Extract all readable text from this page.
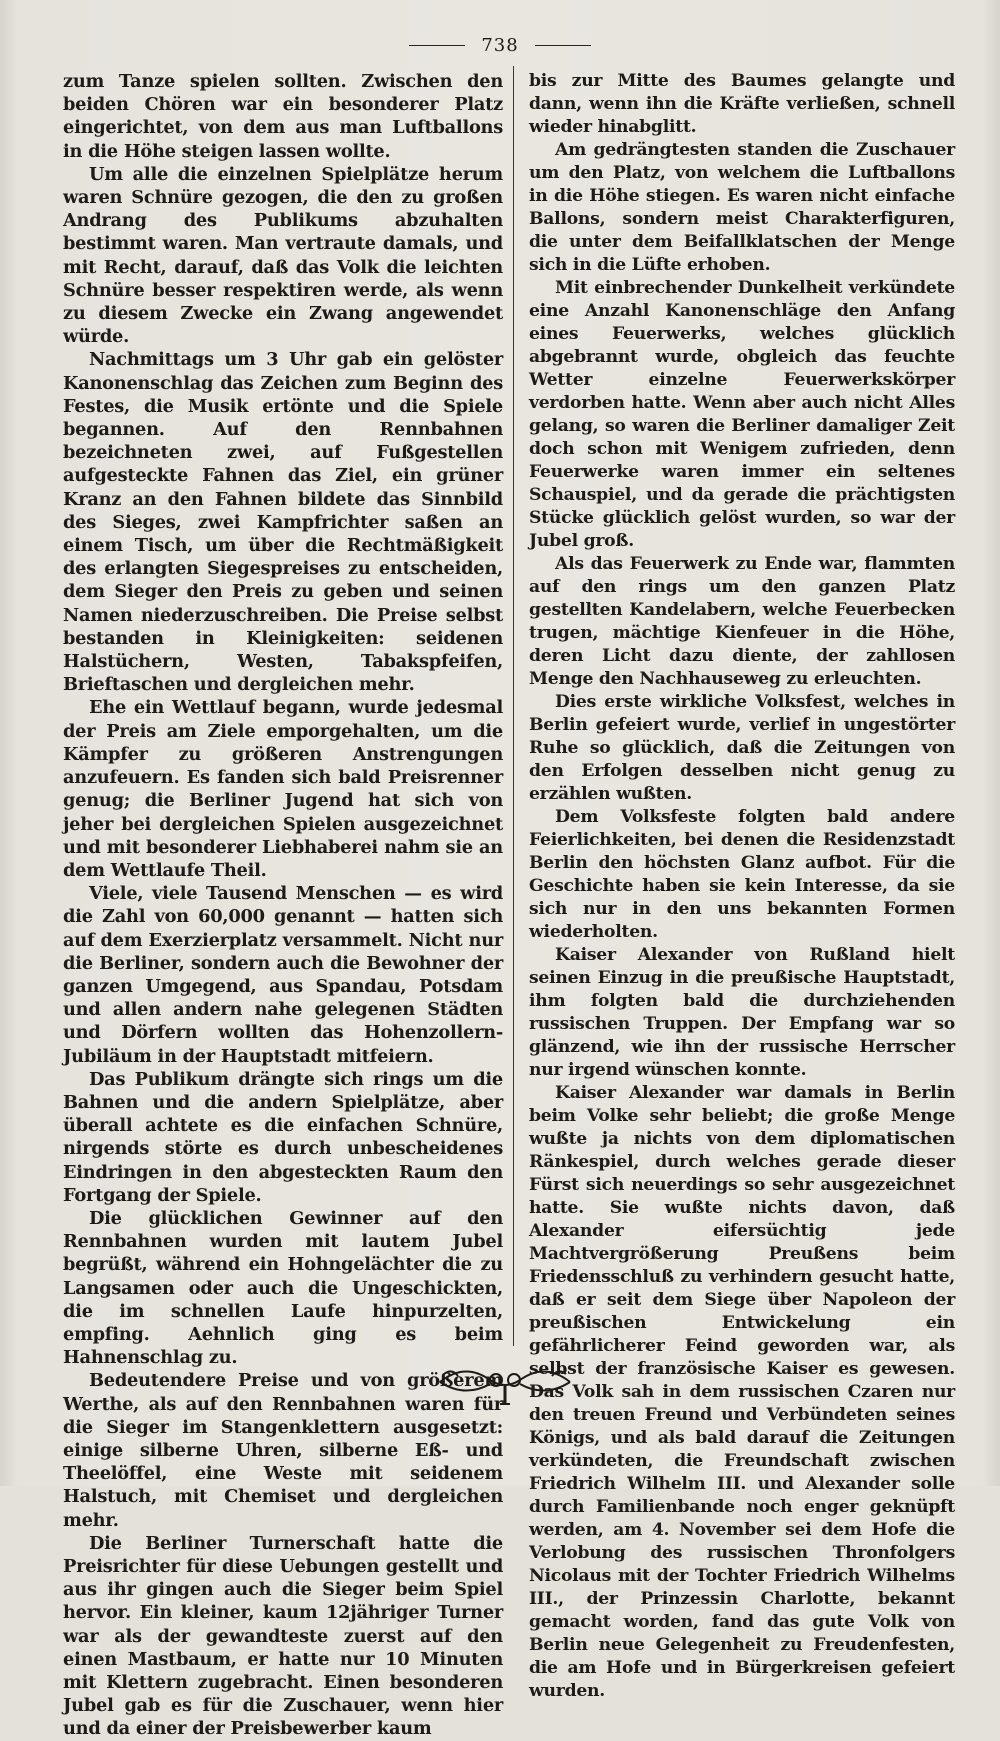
738

zum Tanze spielen sollten. Zwischen den beiden Chören war ein besonderer Platz eingerichtet, von dem aus man Luftballons in die Höhe steigen lassen wollte.

Um alle die einzelnen Spielplätze herum waren Schnüre gezogen, die den zu großen Andrang des Publikums abzuhalten bestimmt waren. Man vertraute damals, und mit Recht, darauf, daß das Volk die leichten Schnüre besser respektiren werde, als wenn zu diesem Zwecke ein Zwang angewendet würde.

Nachmittags um 3 Uhr gab ein gelöster Kanonenschlag das Zeichen zum Beginn des Festes, die Musik ertönte und die Spiele begannen. Auf den Rennbahnen bezeichneten zwei, auf Fußgestellen aufgesteckte Fahnen das Ziel, ein grüner Kranz an den Fahnen bildete das Sinnbild des Sieges, zwei Kampfrichter saßen an einem Tisch, um über die Rechtmäßigkeit des erlangten Siegespreises zu entscheiden, dem Sieger den Preis zu geben und seinen Namen niederzuschreiben. Die Preise selbst bestanden in Kleinigkeiten: seidenen Halstüchern, Westen, Tabakspfeifen, Brieftaschen und dergleichen mehr.

Ehe ein Wettlauf begann, wurde jedesmal der Preis am Ziele emporgehalten, um die Kämpfer zu größeren Anstrengungen anzufeuern. Es fanden sich bald Preisrenner genug; die Berliner Jugend hat sich von jeher bei dergleichen Spielen ausgezeichnet und mit besonderer Liebhaberei nahm sie an dem Wettlaufe Theil.

Viele, viele Tausend Menschen — es wird die Zahl von 60,000 genannt — hatten sich auf dem Exerzierplatz versammelt. Nicht nur die Berliner, sondern auch die Bewohner der ganzen Umgegend, aus Spandau, Potsdam und allen andern nahe gelegenen Städten und Dörfern wollten das Hohenzollern-Jubiläum in der Hauptstadt mitfeiern.

Das Publikum drängte sich rings um die Bahnen und die andern Spielplätze, aber überall achtete es die einfachen Schnüre, nirgends störte es durch unbescheidenes Eindringen in den abgesteckten Raum den Fortgang der Spiele.

Die glücklichen Gewinner auf den Rennbahnen wurden mit lautem Jubel begrüßt, während ein Hohngelächter die zu Langsamen oder auch die Ungeschickten, die im schnellen Laufe hinpurzelten, empfing. Aehnlich ging es beim Hahnenschlag zu.

Bedeutendere Preise und von größerem Werthe, als auf den Rennbahnen waren für die Sieger im Stangenklettern ausgesetzt: einige silberne Uhren, silberne Eß- und Theelöffel, eine Weste mit seidenem Halstuch, mit Chemiset und dergleichen mehr.

Die Berliner Turnerschaft hatte die Preisrichter für diese Uebungen gestellt und aus ihr gingen auch die Sieger beim Spiel hervor. Ein kleiner, kaum 12jähriger Turner war als der gewandteste zuerst auf den einen Mastbaum, er hatte nur 10 Minuten mit Klettern zugebracht. Einen besonderen Jubel gab es für die Zuschauer, wenn hier und da einer der Preisbewerber kaum

bis zur Mitte des Baumes gelangte und dann, wenn ihn die Kräfte verließen, schnell wieder hinabglitt.

Am gedrängtesten standen die Zuschauer um den Platz, von welchem die Luftballons in die Höhe stiegen. Es waren nicht einfache Ballons, sondern meist Charakterfiguren, die unter dem Beifallklatschen der Menge sich in die Lüfte erhoben.

Mit einbrechender Dunkelheit verkündete eine Anzahl Kanonenschläge den Anfang eines Feuerwerks, welches glücklich abgebrannt wurde, obgleich das feuchte Wetter einzelne Feuerwerkskörper verdorben hatte. Wenn aber auch nicht Alles gelang, so waren die Berliner damaliger Zeit doch schon mit Wenigem zufrieden, denn Feuerwerke waren immer ein seltenes Schauspiel, und da gerade die prächtigsten Stücke glücklich gelöst wurden, so war der Jubel groß.

Als das Feuerwerk zu Ende war, flammten auf den rings um den ganzen Platz gestellten Kandelabern, welche Feuerbecken trugen, mächtige Kienfeuer in die Höhe, deren Licht dazu diente, der zahllosen Menge den Nachhauseweg zu erleuchten.

Dies erste wirkliche Volksfest, welches in Berlin gefeiert wurde, verlief in ungestörter Ruhe so glücklich, daß die Zeitungen von den Erfolgen desselben nicht genug zu erzählen wußten.

Dem Volksfeste folgten bald andere Feierlichkeiten, bei denen die Residenzstadt Berlin den höchsten Glanz aufbot. Für die Geschichte haben sie kein Interesse, da sie sich nur in den uns bekannten Formen wiederholten.

Kaiser Alexander von Rußland hielt seinen Einzug in die preußische Hauptstadt, ihm folgten bald die durchziehenden russischen Truppen. Der Empfang war so glänzend, wie ihn der russische Herrscher nur irgend wünschen konnte.

Kaiser Alexander war damals in Berlin beim Volke sehr beliebt; die große Menge wußte ja nichts von dem diplomatischen Ränkespiel, durch welches gerade dieser Fürst sich neuerdings so sehr ausgezeichnet hatte. Sie wußte nichts davon, daß Alexander eifersüchtig jede Machtvergrößerung Preußens beim Friedensschluß zu verhindern gesucht hatte, daß er seit dem Siege über Napoleon der preußischen Entwickelung ein gefährlicherer Feind geworden war, als selbst der französische Kaiser es gewesen. Das Volk sah in dem russischen Czaren nur den treuen Freund und Verbündeten seines Königs, und als bald darauf die Zeitungen verkündeten, die Freundschaft zwischen Friedrich Wilhelm III. und Alexander solle durch Familienbande noch enger geknüpft werden, am 4. November sei dem Hofe die Verlobung des russischen Thronfolgers Nicolaus mit der Tochter Friedrich Wilhelms III., der Prinzessin Charlotte, bekannt gemacht worden, fand das gute Volk von Berlin neue Gelegenheit zu Freudenfesten, die am Hofe und in Bürgerkreisen gefeiert wurden.
